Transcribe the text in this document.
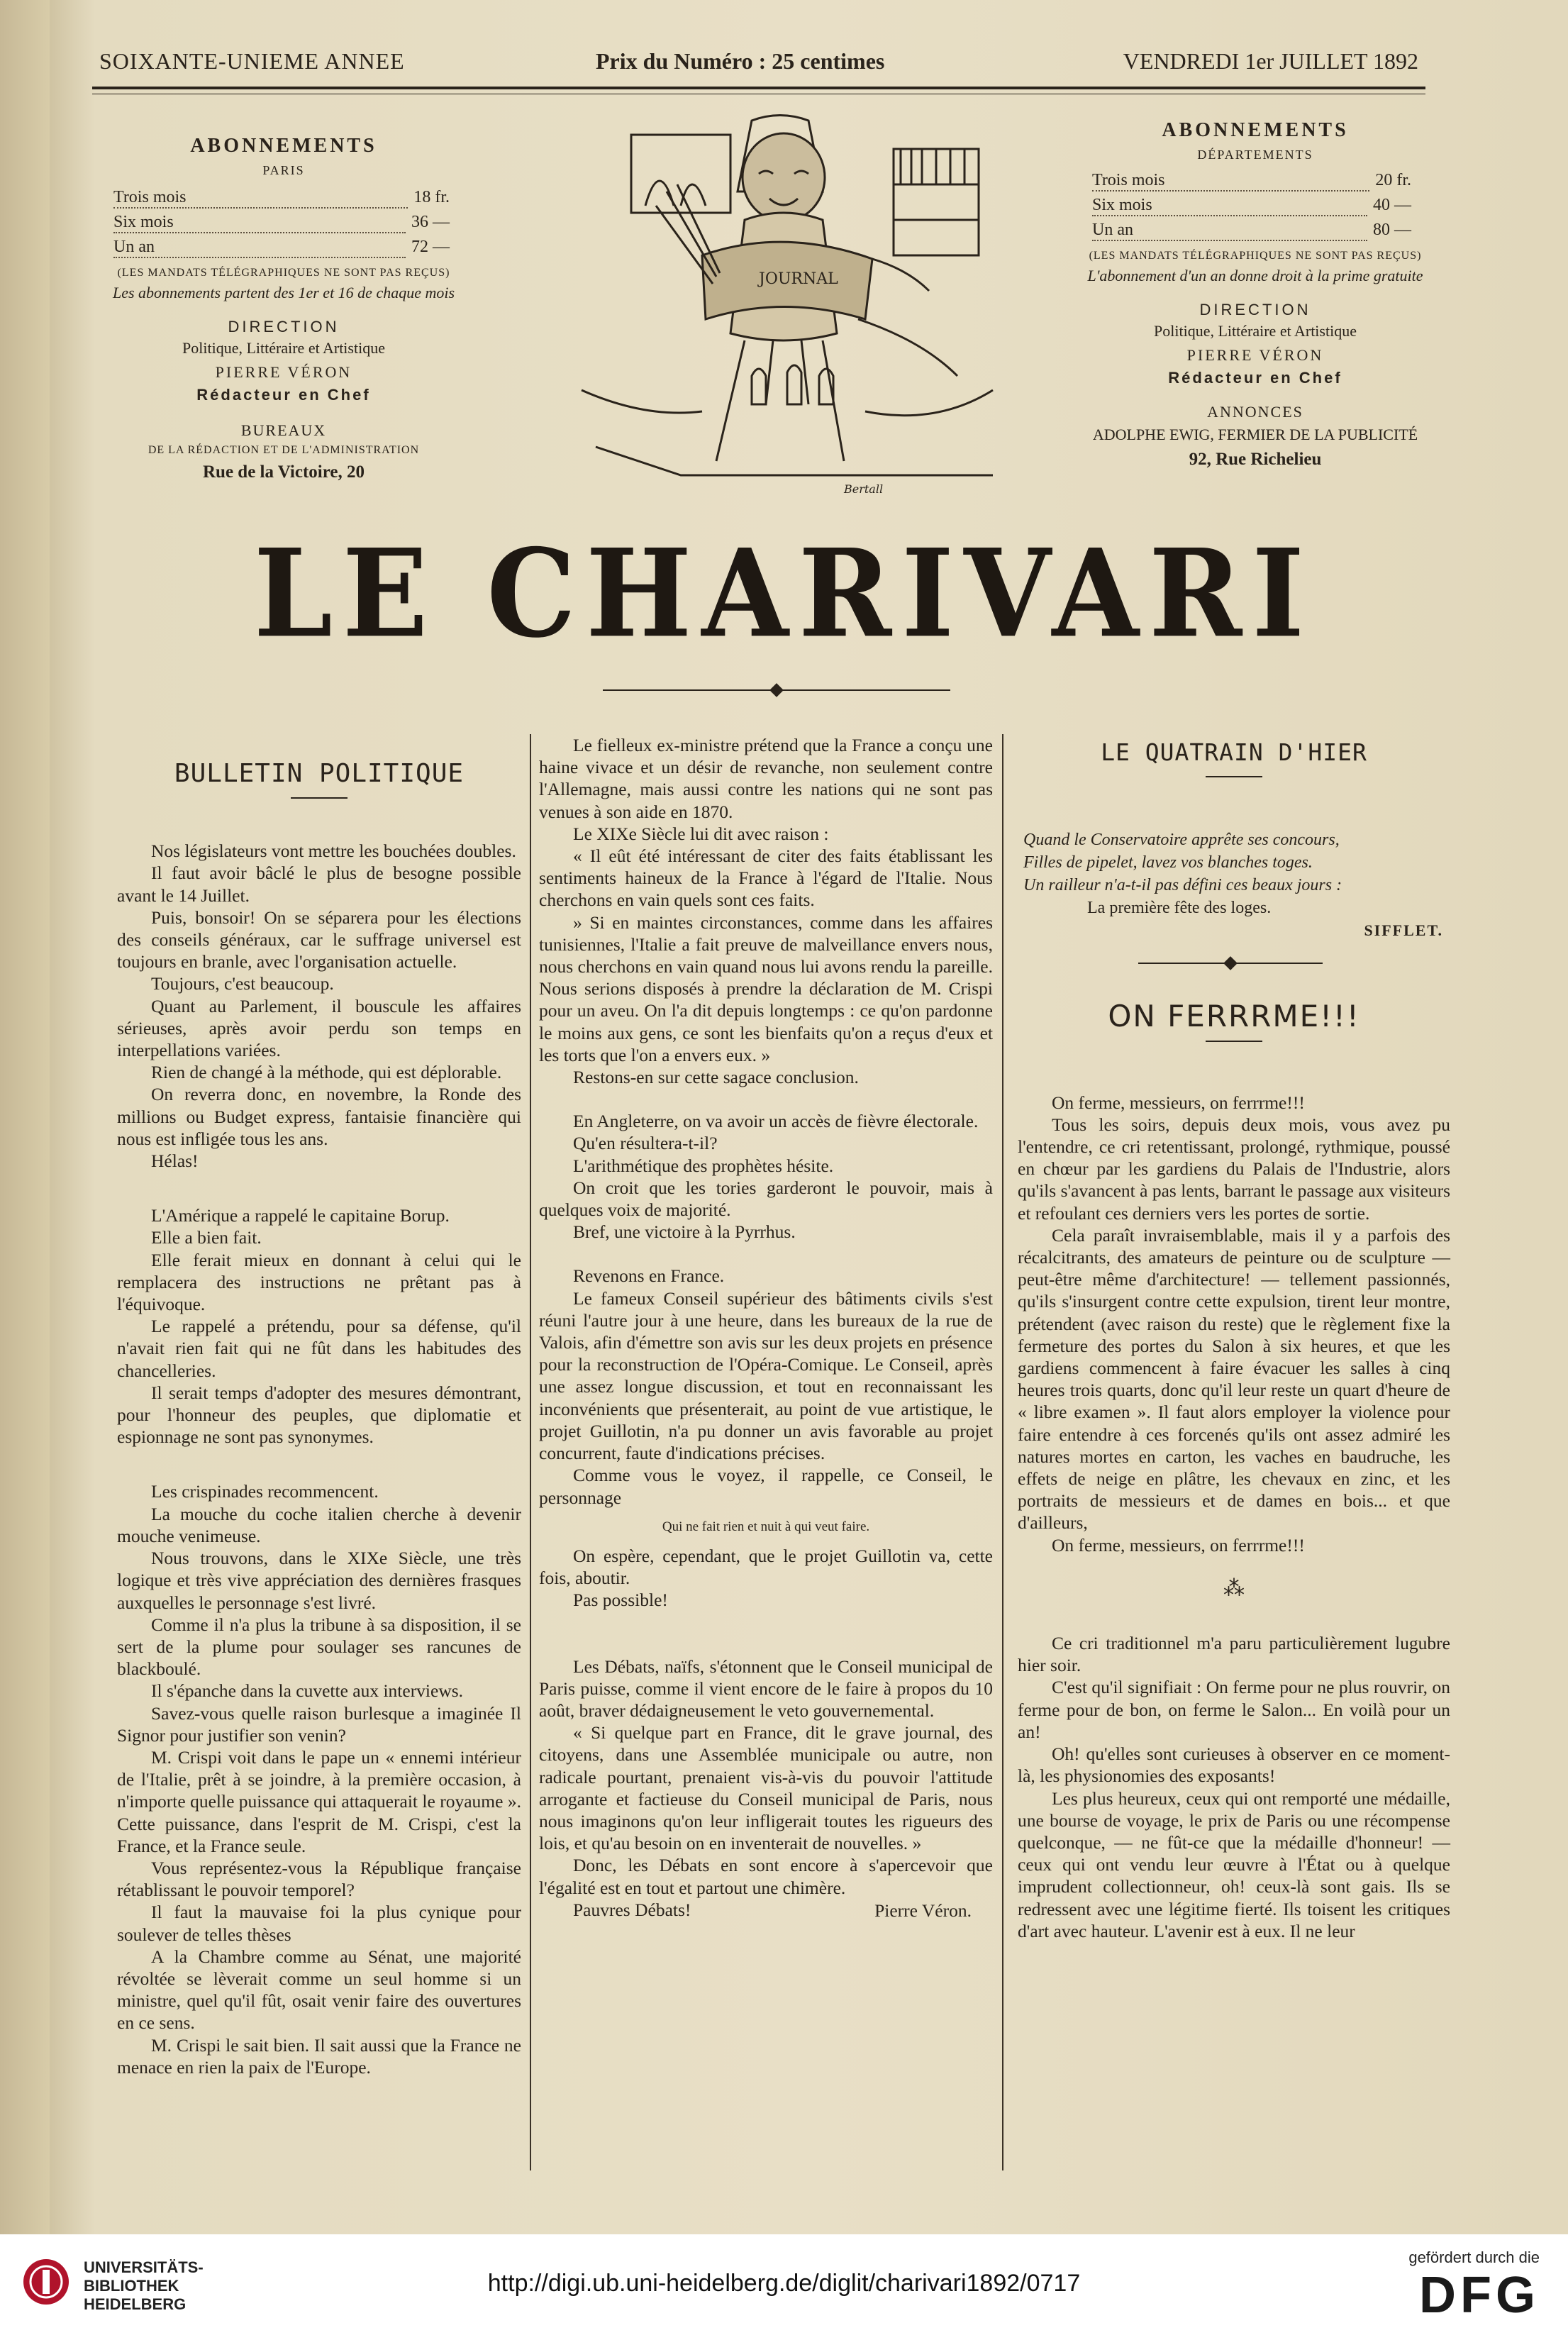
SOIXANTE-UNIEME ANNEE	Prix du Numéro : 25 centimes	VENDREDI 1er JUILLET 1892
ABONNEMENTS
PARIS
Trois mois	18 fr.
Six mois	36 —
Un an	72 —
(LES MANDATS TÉLÉGRAPHIQUES NE SONT PAS REÇUS)
Les abonnements partent des 1er et 16 de chaque mois
DIRECTION
Politique, Littéraire et Artistique
PIERRE VÉRON
Rédacteur en Chef
BUREAUX
DE LA RÉDACTION ET DE L'ADMINISTRATION
Rue de la Victoire, 20
ABONNEMENTS
DÉPARTEMENTS
Trois mois	20 fr.
Six mois	40 —
Un an	80 —
(LES MANDATS TÉLÉGRAPHIQUES NE SONT PAS REÇUS)
L'abonnement d'un an donne droit à la prime gratuite
DIRECTION
Politique, Littéraire et Artistique
PIERRE VÉRON
Rédacteur en Chef
ANNONCES
ADOLPHE EWIG, FERMIER DE LA PUBLICITÉ
92, Rue Richelieu
JOURNAL
Bertall
LE CHARIVARI
BULLETIN POLITIQUE

Nos législateurs vont mettre les bouchées doubles.

Il faut avoir bâclé le plus de besogne possible avant le 14 Juillet.

Puis, bonsoir! On se séparera pour les élections des conseils généraux, car le suffrage universel est toujours en branle, avec l'organisation actuelle.

Toujours, c'est beaucoup.

Quant au Parlement, il bouscule les affaires sérieuses, après avoir perdu son temps en interpellations variées.

Rien de changé à la méthode, qui est déplorable.

On reverra donc, en novembre, la Ronde des millions ou Budget express, fantaisie financière qui nous est infligée tous les ans.

Hélas!

L'Amérique a rappelé le capitaine Borup.

Elle a bien fait.

Elle ferait mieux en donnant à celui qui le remplacera des instructions ne prêtant pas à l'équivoque.

Le rappelé a prétendu, pour sa défense, qu'il n'avait rien fait qui ne fût dans les habitudes des chancelleries.

Il serait temps d'adopter des mesures démontrant, pour l'honneur des peuples, que diplomatie et espionnage ne sont pas synonymes.

Les crispinades recommencent.

La mouche du coche italien cherche à devenir mouche venimeuse.

Nous trouvons, dans le XIXe Siècle, une très logique et très vive appréciation des dernières frasques auxquelles le personnage s'est livré.

Comme il n'a plus la tribune à sa disposition, il se sert de la plume pour soulager ses rancunes de blackboulé.

Il s'épanche dans la cuvette aux interviews.

Savez-vous quelle raison burlesque a imaginée Il Signor pour justifier son venin?

M. Crispi voit dans le pape un « ennemi intérieur de l'Italie, prêt à se joindre, à la première occasion, à n'importe quelle puissance qui attaquerait le royaume ». Cette puissance, dans l'esprit de M. Crispi, c'est la France, et la France seule.

Vous représentez-vous la République française rétablissant le pouvoir temporel?

Il faut la mauvaise foi la plus cynique pour soulever de telles thèses

A la Chambre comme au Sénat, une majorité révoltée se lèverait comme un seul homme si un ministre, quel qu'il fût, osait venir faire des ouvertures en ce sens.

M. Crispi le sait bien. Il sait aussi que la France ne menace en rien la paix de l'Europe.

Le fielleux ex-ministre prétend que la France a conçu une haine vivace et un désir de revanche, non seulement contre l'Allemagne, mais aussi contre les nations qui ne sont pas venues à son aide en 1870.

Le XIXe Siècle lui dit avec raison :

« Il eût été intéressant de citer des faits établissant les sentiments haineux de la France à l'égard de l'Italie. Nous cherchons en vain quels sont ces faits.

» Si en maintes circonstances, comme dans les affaires tunisiennes, l'Italie a fait preuve de malveillance envers nous, nous cherchons en vain quand nous lui avons rendu la pareille. Nous serions disposés à prendre la déclaration de M. Crispi pour un aveu. On l'a dit depuis longtemps : ce qu'on pardonne le moins aux gens, ce sont les bienfaits qu'on a reçus d'eux et les torts que l'on a envers eux. »

Restons-en sur cette sagace conclusion.

En Angleterre, on va avoir un accès de fièvre électorale.

Qu'en résultera-t-il?

L'arithmétique des prophètes hésite.

On croit que les tories garderont le pouvoir, mais à quelques voix de majorité.

Bref, une victoire à la Pyrrhus.

Revenons en France.

Le fameux Conseil supérieur des bâtiments civils s'est réuni l'autre jour à une heure, dans les bureaux de la rue de Valois, afin d'émettre son avis sur les deux projets en présence pour la reconstruction de l'Opéra-Comique. Le Conseil, après une assez longue discussion, et tout en reconnaissant les inconvénients que présenterait, au point de vue artistique, le projet Guillotin, n'a pu donner un avis favorable au projet concurrent, faute d'indications précises.

Comme vous le voyez, il rappelle, ce Conseil, le personnage

Qui ne fait rien et nuit à qui veut faire.

On espère, cependant, que le projet Guillotin va, cette fois, aboutir.

Pas possible!

Les Débats, naïfs, s'étonnent que le Conseil municipal de Paris puisse, comme il vient encore de le faire à propos du 10 août, braver dédaigneusement le veto gouvernemental.

« Si quelque part en France, dit le grave journal, des citoyens, dans une Assemblée municipale ou autre, non radicale pourtant, prenaient vis-à-vis du pouvoir l'attitude arrogante et factieuse du Conseil municipal de Paris, nous nous imaginons qu'on leur infligerait toutes les rigueurs des lois, et qu'au besoin on en inventerait de nouvelles. »

Donc, les Débats en sont encore à s'apercevoir que l'égalité est en tout et partout une chimère.

Pauvres Débats!	Pierre Véron.

LE QUATRAIN D'HIER
Quand le Conservatoire apprête ses concours,
Filles de pipelet, lavez vos blanches toges.
Un railleur n'a-t-il pas défini ces beaux jours :
La première fête des loges.

SIFFLET.

ON FERRRME!!!

On ferme, messieurs, on ferrrme!!!

Tous les soirs, depuis deux mois, vous avez pu l'entendre, ce cri retentissant, prolongé, rythmique, poussé en chœur par les gardiens du Palais de l'Industrie, alors qu'ils s'avancent à pas lents, barrant le passage aux visiteurs et refoulant ces derniers vers les portes de sortie.

Cela paraît invraisemblable, mais il y a parfois des récalcitrants, des amateurs de peinture ou de sculpture — peut-être même d'architecture! — tellement passionnés, qu'ils s'insurgent contre cette expulsion, tirent leur montre, prétendent (avec raison du reste) que le règlement fixe la fermeture des portes du Salon à six heures, et que les gardiens commencent à faire évacuer les salles à cinq heures trois quarts, donc qu'il leur reste un quart d'heure de « libre examen ». Il faut alors employer la violence pour faire entendre à ces forcenés qu'ils ont assez admiré les natures mortes en carton, les vaches en baudruche, les effets de neige en plâtre, les chevaux en zinc, et les portraits de messieurs et de dames en bois... et que d'ailleurs,

On ferme, messieurs, on ferrrme!!!

⁂

Ce cri traditionnel m'a paru particulièrement lugubre hier soir.

C'est qu'il signifiait : On ferme pour ne plus rouvrir, on ferme pour de bon, on ferme le Salon... En voilà pour un an!

Oh! qu'elles sont curieuses à observer en ce moment-là, les physionomies des exposants!

Les plus heureux, ceux qui ont remporté une médaille, une bourse de voyage, le prix de Paris ou une récompense quelconque, — ne fût-ce que la médaille d'honneur! — ceux qui ont vendu leur œuvre à l'État ou à quelque imprudent collectionneur, oh! ceux-là sont gais. Ils se redressent avec une légitime fierté. Ils toisent les critiques d'art avec hauteur. L'avenir est à eux. Il ne leur

UNIVERSITÄTS-
BIBLIOTHEK
HEIDELBERG
http://digi.ub.uni-heidelberg.de/diglit/charivari1892/0717
gefördert durch die
DFG
